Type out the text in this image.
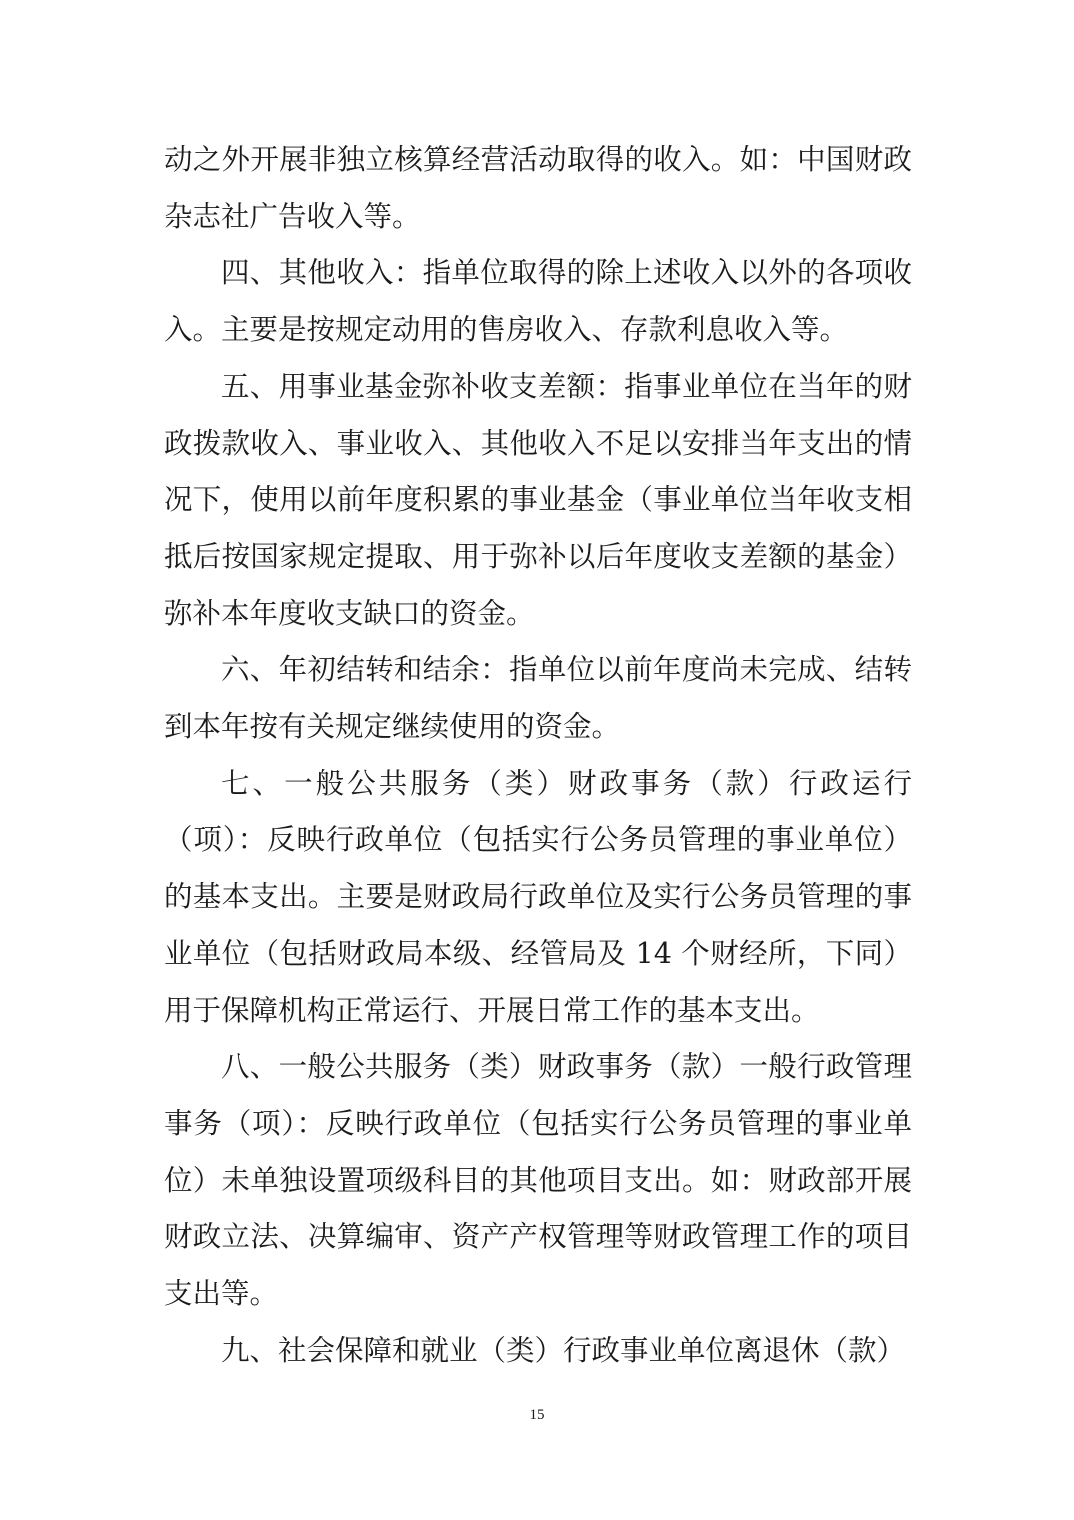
动之外开展非独立核算经营活动取得的收入。如：中国财政杂志社广告收入等。

四、其他收入：指单位取得的除上述收入以外的各项收入。主要是按规定动用的售房收入、存款利息收入等。

五、用事业基金弥补收支差额：指事业单位在当年的财政拨款收入、事业收入、其他收入不足以安排当年支出的情况下，使用以前年度积累的事业基金（事业单位当年收支相抵后按国家规定提取、用于弥补以后年度收支差额的基金）弥补本年度收支缺口的资金。

六、年初结转和结余：指单位以前年度尚未完成、结转到本年按有关规定继续使用的资金。

七、一般公共服务（类）财政事务（款）行政运行（项）：反映行政单位（包括实行公务员管理的事业单位）的基本支出。主要是财政局行政单位及实行公务员管理的事业单位（包括财政局本级、经管局及 14 个财经所，下同）用于保障机构正常运行、开展日常工作的基本支出。

八、一般公共服务（类）财政事务（款）一般行政管理事务（项）：反映行政单位（包括实行公务员管理的事业单位）未单独设置项级科目的其他项目支出。如：财政部开展财政立法、决算编审、资产产权管理等财政管理工作的项目支出等。

九、社会保障和就业（类）行政事业单位离退休（款）

15
